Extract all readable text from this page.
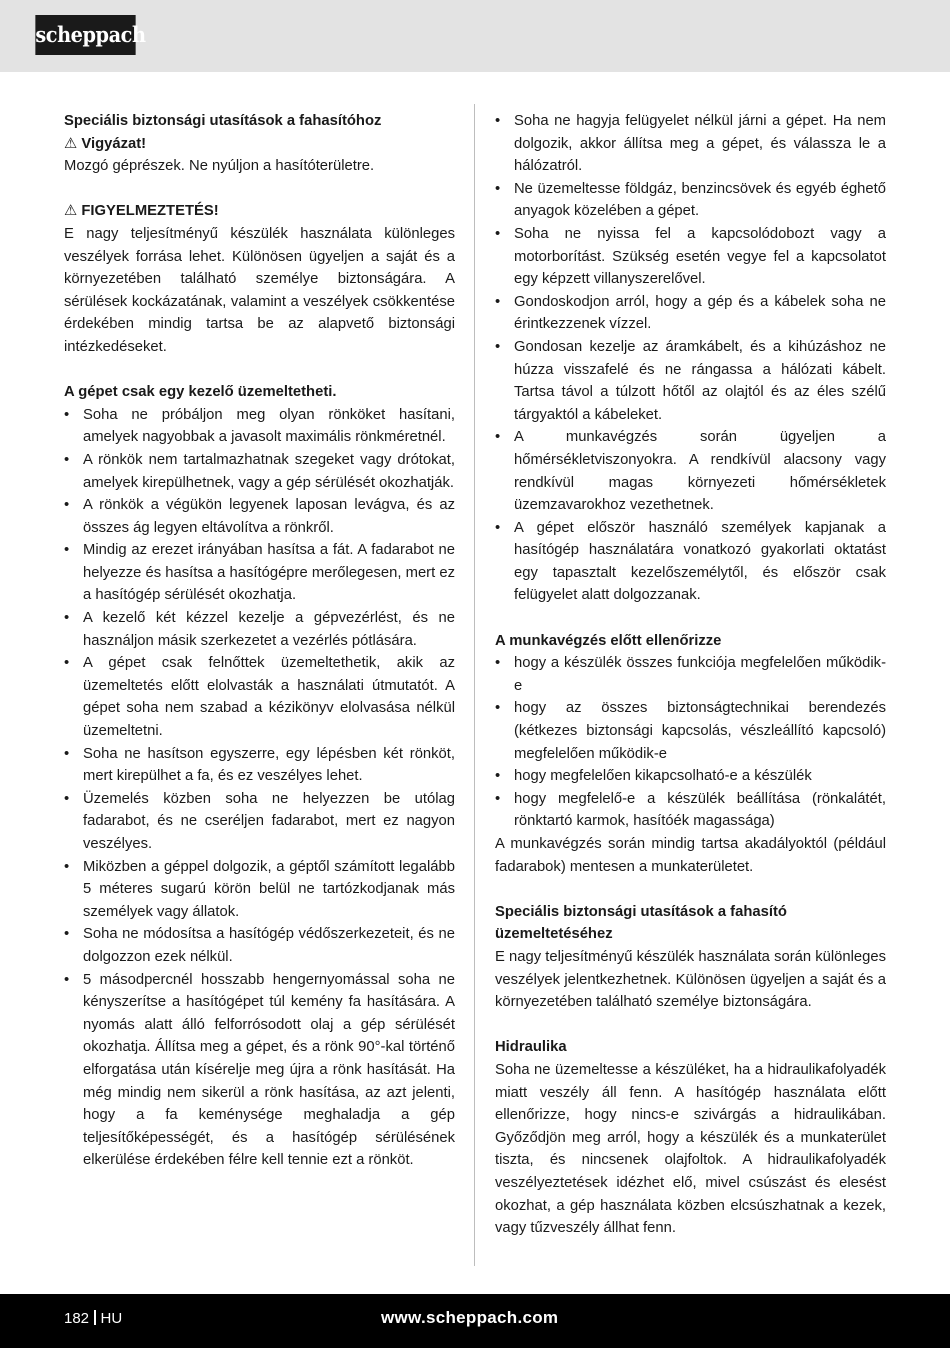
scheppach

Speciális biztonsági utasítások a fahasítóhoz

⚠ Vigyázat!

Mozgó géprészek. Ne nyúljon a hasítóterületre.

⚠ FIGYELMEZTETÉS!

E nagy teljesítményű készülék használata különleges veszélyek forrása lehet. Különösen ügyeljen a saját és a környezetében található személye biztonságára. A sérülések kockázatának, valamint a veszélyek csökkentése érdekében mindig tartsa be az alapvető biztonsági intézkedéseket.

A gépet csak egy kezelő üzemeltetheti.

• Soha ne próbáljon meg olyan rönköket hasítani, amelyek nagyobbak a javasolt maximális rönkméretnél.
• A rönkök nem tartalmazhatnak szegeket vagy drótokat, amelyek kirepülhetnek, vagy a gép sérülését okozhatják.
• A rönkök a végükön legyenek laposan levágva, és az összes ág legyen eltávolítva a rönkről.
• Mindig az erezet irányában hasítsa a fát. A fadarabot ne helyezze és hasítsa a hasítógépre merőlegesen, mert ez a hasítógép sérülését okozhatja.
• A kezelő két kézzel kezelje a gépvezérlést, és ne használjon másik szerkezetet a vezérlés pótlására.
• A gépet csak felnőttek üzemeltethetik, akik az üzemeltetés előtt elolvasták a használati útmutatót. A gépet soha nem szabad a kézikönyv elolvasása nélkül üzemeltetni.
• Soha ne hasítson egyszerre, egy lépésben két rönköt, mert kirepülhet a fa, és ez veszélyes lehet.
• Üzemelés közben soha ne helyezzen be utólag fadarabot, és ne cseréljen fadarabot, mert ez nagyon veszélyes.
• Miközben a géppel dolgozik, a géptől számított legalább 5 méteres sugarú körön belül ne tartózkodjanak más személyek vagy állatok.
• Soha ne módosítsa a hasítógép védőszerkezeteit, és ne dolgozzon ezek nélkül.
• 5 másodpercnél hosszabb hengernyomással soha ne kényszerítse a hasítógépet túl kemény fa hasítására. A nyomás alatt álló felforrósodott olaj a gép sérülését okozhatja. Állítsa meg a gépet, és a rönk 90°-kal történő elforgatása után kísérelje meg újra a rönk hasítását. Ha még mindig nem sikerül a rönk hasítása, az azt jelenti, hogy a fa keménysége meghaladja a gép teljesítőképességét, és a hasítógép sérülésének elkerülése érdekében félre kell tennie ezt a rönköt.
• Soha ne hagyja felügyelet nélkül járni a gépet. Ha nem dolgozik, akkor állítsa meg a gépet, és válassza le a hálózatról.
• Ne üzemeltesse földgáz, benzincsövek és egyéb éghető anyagok közelében a gépet.
• Soha ne nyissa fel a kapcsolódobozt vagy a motorborítást. Szükség esetén vegye fel a kapcsolatot egy képzett villanyszerelővel.
• Gondoskodjon arról, hogy a gép és a kábelek soha ne érintkezzenek vízzel.
• Gondosan kezelje az áramkábelt, és a kihúzáshoz ne húzza visszafelé és ne rángassa a hálózati kábelt. Tartsa távol a túlzott hőtől az olajtól és az éles szélű tárgyaktól a kábeleket.
• A munkavégzés során ügyeljen a hőmérsékletviszonyokra. A rendkívül alacsony vagy rendkívül magas környezeti hőmérsékletek üzemzavarokhoz vezethetnek.
• A gépet először használó személyek kapjanak a hasítógép használatára vonatkozó gyakorlati oktatást egy tapasztalt kezelőszemélytől, és először csak felügyelet alatt dolgozzanak.

A munkavégzés előtt ellenőrizze

• hogy a készülék összes funkciója megfelelően működik-e
• hogy az összes biztonságtechnikai berendezés (kétkezes biztonsági kapcsolás, vészleállító kapcsoló) megfelelően működik-e
• hogy megfelelően kikapcsolható-e a készülék
• hogy megfelelő-e a készülék beállítása (rönkalátét, rönktartó karmok, hasítóék magassága)

A munkavégzés során mindig tartsa akadályoktól (például fadarabok) mentesen a munkaterületet.

Speciális biztonsági utasítások a fahasító üzemeltetéséhez

E nagy teljesítményű készülék használata során különleges veszélyek jelentkezhetnek. Különösen ügyeljen a saját és a környezetében található személye biztonságára.

Hidraulika

Soha ne üzemeltesse a készüléket, ha a hidraulikafolyadék miatt veszély áll fenn. A hasítógép használata előtt ellenőrizze, hogy nincs-e szivárgás a hidraulikában. Győződjön meg arról, hogy a készülék és a munkaterület tiszta, és nincsenek olajfoltok. A hidraulikafolyadék veszélyeztetések idézhet elő, mivel csúszást és elesést okozhat, a gép használata közben elcsúszhatnak a kezek, vagy tűzveszély állhat fenn.

182 HU	www.scheppach.com
